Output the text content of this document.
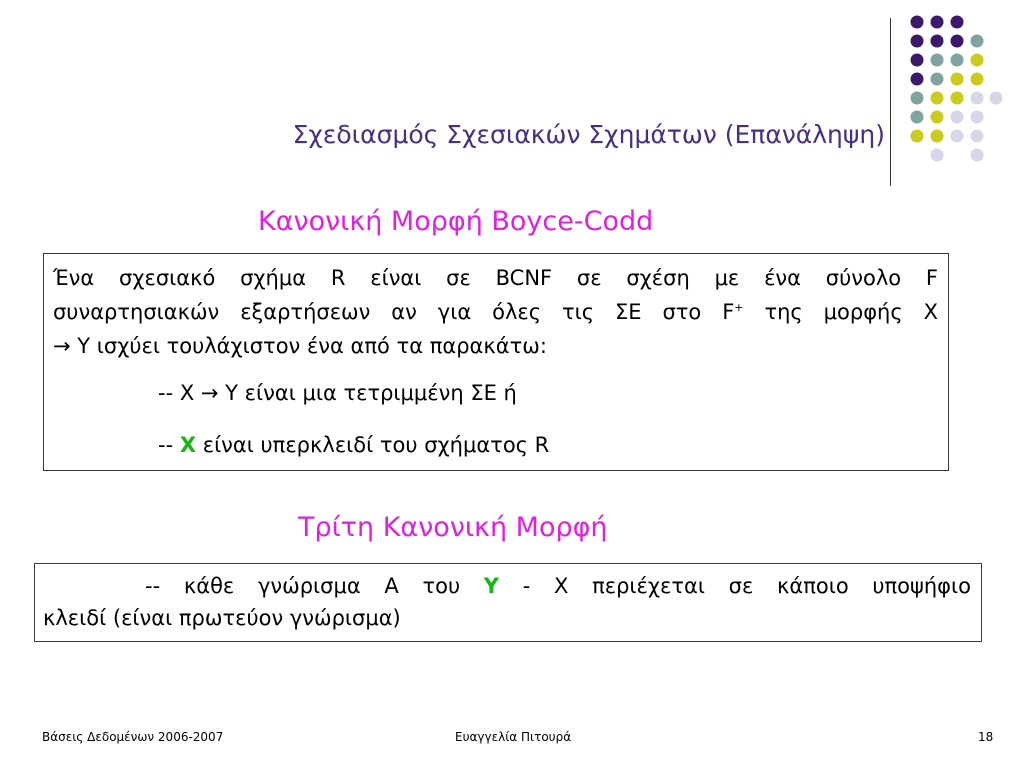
Σχεδιασμός Σχεσιακών Σχημάτων (Επανάληψη)
Κανονική Μορφή Boyce-Codd
Ένα σχεσιακό σχήμα R είναι σε BCNF σε σχέση με ένα σύνολο F
συναρτησιακών εξαρτήσεων αν για όλες τις ΣΕ στο F+ της μορφής X
→ Y ισχύει τουλάχιστον ένα από τα παρακάτω:
-- X → Y είναι μια τετριμμένη ΣΕ ή
-- X είναι υπερκλειδί του σχήματος R
Τρίτη Κανονική Μορφή
-- κάθε γνώρισμα A του Y - X περιέχεται σε κάποιο υποψήφιο
κλειδί (είναι πρωτεύον γνώρισμα)
Βάσεις Δεδομένων 2006-2007	Ευαγγελία Πιτουρά	18
